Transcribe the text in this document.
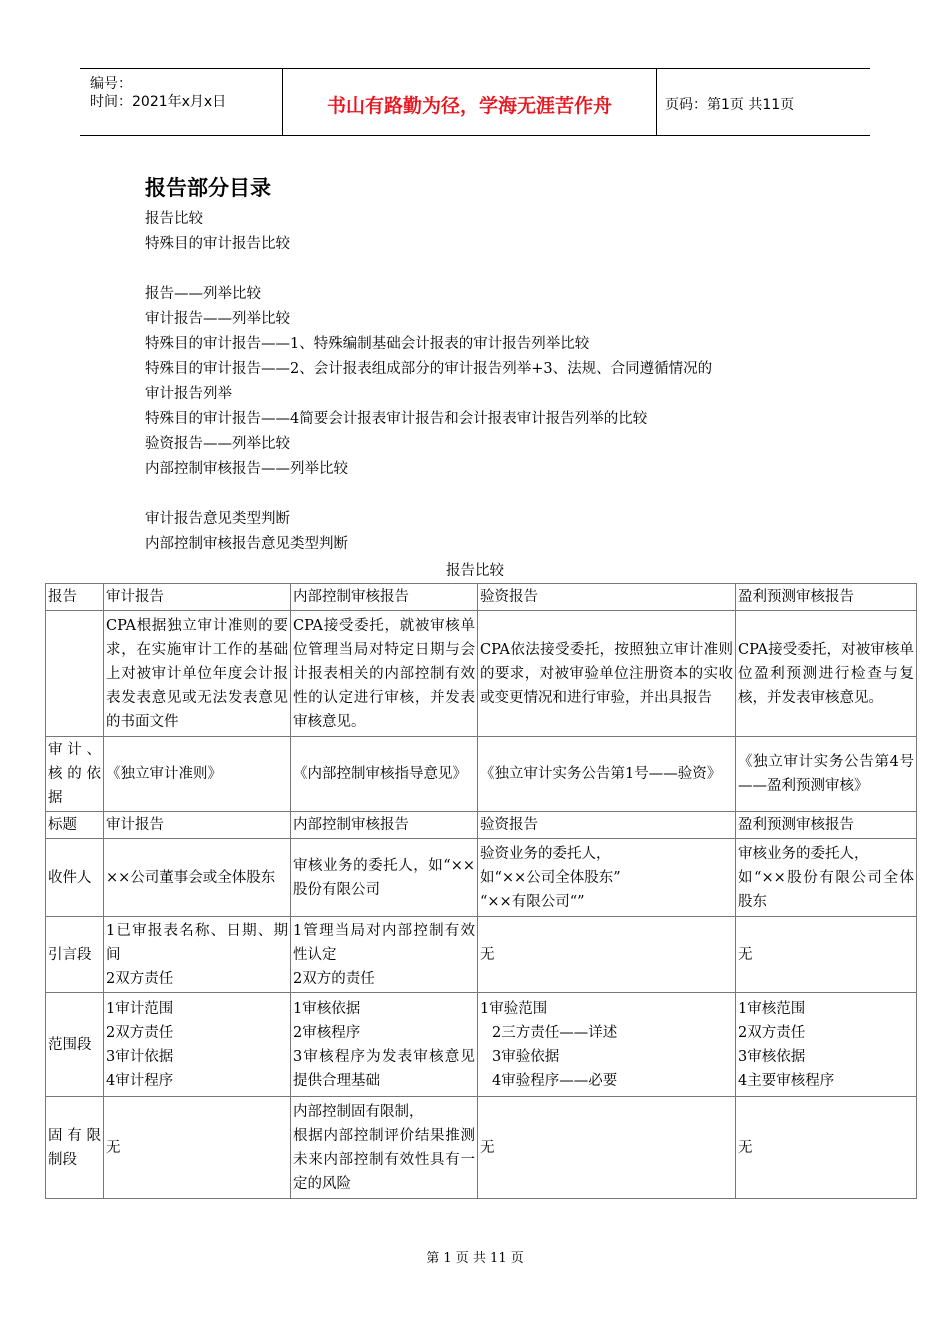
编号：
时间：2021年x月x日	书山有路勤为径，学海无涯苦作舟	页码：第1页 共11页
报告部分目录
报告比较
特殊目的审计报告比较
报告——列举比较
审计报告——列举比较
特殊目的审计报告——1、特殊编制基础会计报表的审计报告列举比较
特殊目的审计报告——2、会计报表组成部分的审计报告列举+3、法规、合同遵循情况的
审计报告列举
特殊目的审计报告——4简要会计报表审计报告和会计报表审计报告列举的比较
验资报告——列举比较
内部控制审核报告——列举比较
审计报告意见类型判断
内部控制审核报告意见类型判断
报告比较
报告	审计报告	内部控制审核报告	验资报告	盈利预测审核报告

	CPA根据独立审计准则的要求，在实施审计工作的基础上对被审计单位年度会计报表发表意见或无法发表意见的书面文件	CPA接受委托，就被审核单位管理当局对特定日期与会计报表相关的内部控制有效性的认定进行审核，并发表审核意见。	CPA依法接受委托，按照独立审计准则的要求，对被审验单位注册资本的实收或变更情况和进行审验，并出具报告	CPA接受委托，对被审核单位盈利预测进行检查与复核，并发表审核意见。

审计、核的依据	《独立审计准则》	《内部控制审核指导意见》	《独立审计实务公告第1号——验资》	《独立审计实务公告第4号——盈利预测审核》

标题	审计报告	内部控制审核报告	验资报告	盈利预测审核报告

收件人	××公司董事会或全体股东	审核业务的委托人，如“××股份有限公司	验资业务的委托人，
如“××公司全体股东”
“××有限公司“”	审核业务的委托人，
如“××股份有限公司全体股东

引言段	1已审报表名称、日期、期间
2双方责任	1管理当局对内部控制有效性认定
2双方的责任	无	无

范围段	1审计范围
2双方责任
3审计依据
4审计程序	1审核依据
2审核程序
3审核程序为发表审核意见提供合理基础	1审验范围
2三方责任——详述
3审验依据
4审验程序——必要	1审核范围
2双方责任
3审核依据
4主要审核程序

固有限制段	无	内部控制固有限制，
根据内部控制评价结果推测未来内部控制有效性具有一定的风险	无	无
第 1 页 共 11 页
